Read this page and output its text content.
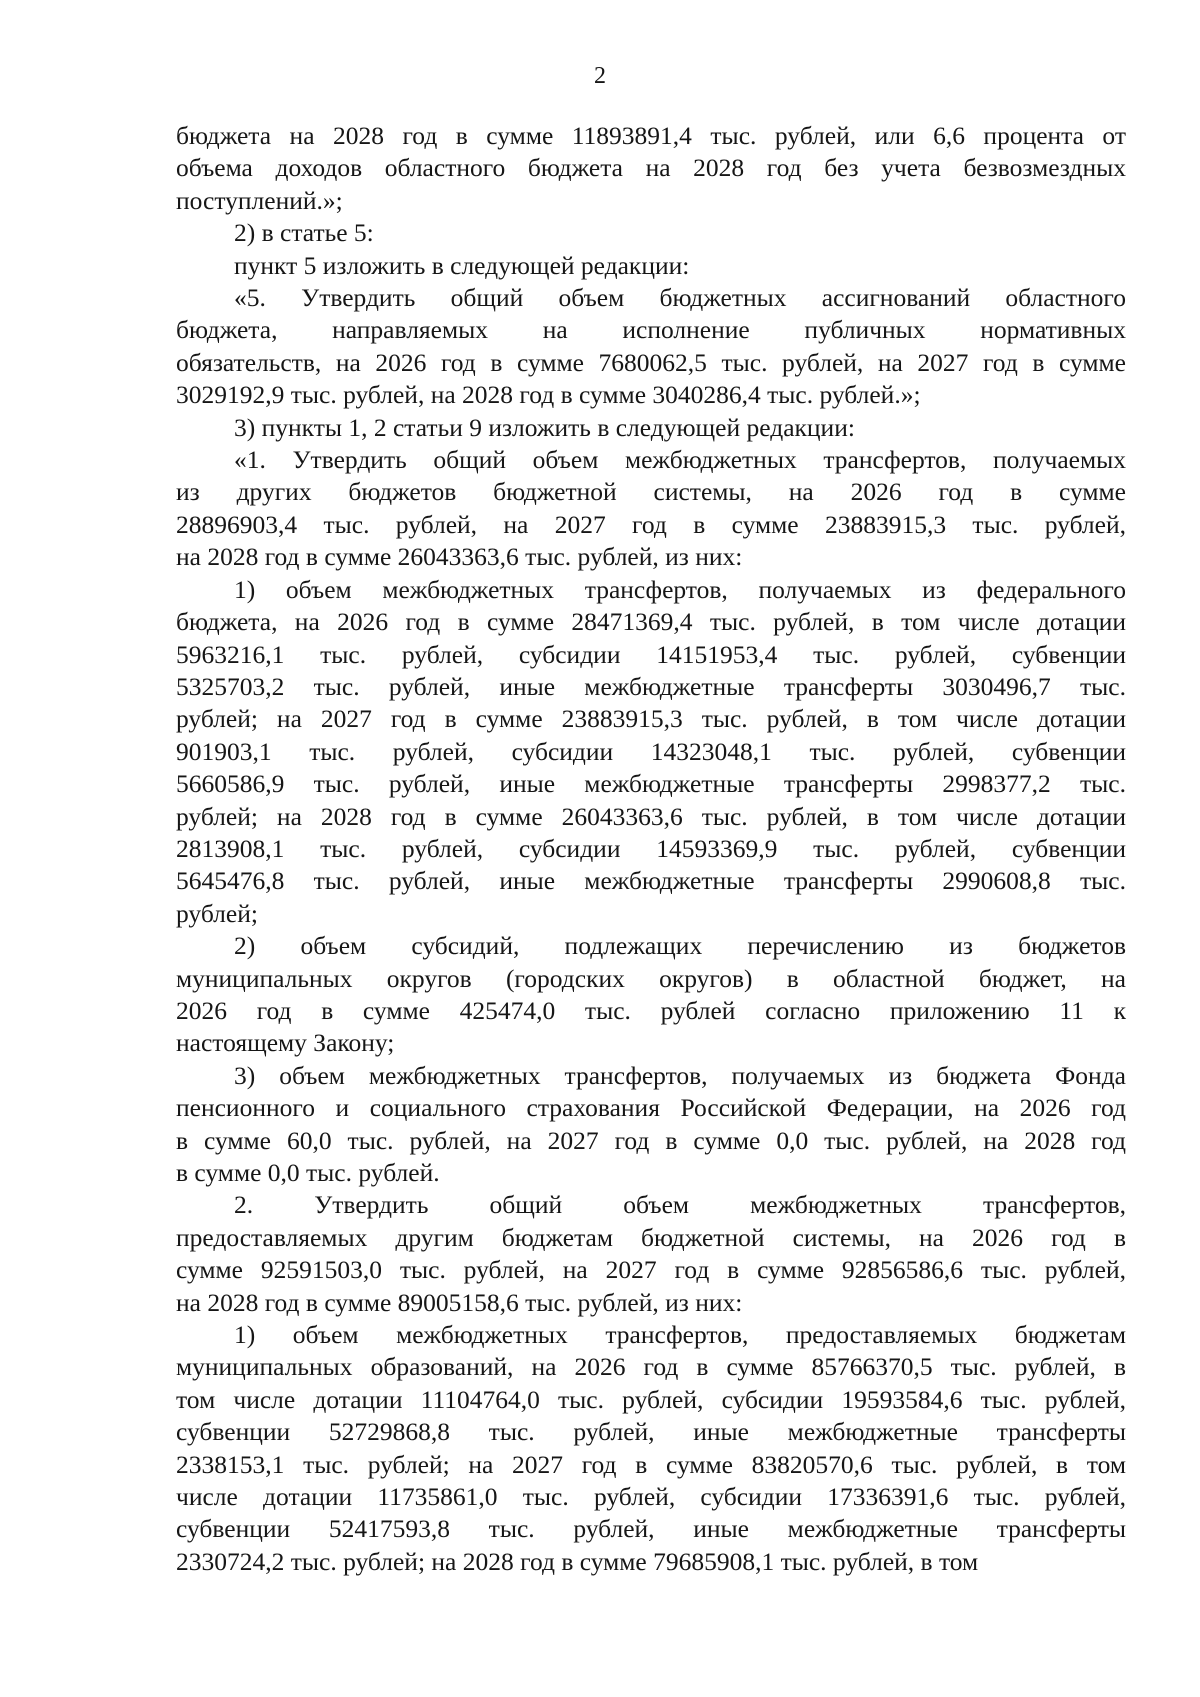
2

бюджета на 2028 год в сумме 11893891,4 тыс. рублей, или 6,6 процента от

объема доходов областного бюджета на 2028 год без учета безвозмездных

поступлений.»;

2) в статье 5:

пункт 5 изложить в следующей редакции:

«5. Утвердить общий объем бюджетных ассигнований областного

бюджета, направляемых на исполнение публичных нормативных

обязательств, на 2026 год в сумме 7680062,5 тыс. рублей, на 2027 год в сумме

3029192,9 тыс. рублей, на 2028 год в сумме 3040286,4 тыс. рублей.»;

3) пункты 1, 2 статьи 9 изложить в следующей редакции:

«1. Утвердить общий объем межбюджетных трансфертов, получаемых

из других бюджетов бюджетной системы, на 2026 год в сумме

28896903,4 тыс. рублей, на 2027 год в сумме 23883915,3 тыс. рублей,

на 2028 год в сумме 26043363,6 тыс. рублей, из них:

1) объем межбюджетных трансфертов, получаемых из федерального

бюджета, на 2026 год в сумме 28471369,4 тыс. рублей, в том числе дотации

5963216,1 тыс. рублей, субсидии 14151953,4 тыс. рублей, субвенции

5325703,2 тыс. рублей, иные межбюджетные трансферты 3030496,7 тыс.

рублей; на 2027 год в сумме 23883915,3 тыс. рублей, в том числе дотации

901903,1 тыс. рублей, субсидии 14323048,1 тыс. рублей, субвенции

5660586,9 тыс. рублей, иные межбюджетные трансферты 2998377,2 тыс.

рублей; на 2028 год в сумме 26043363,6 тыс. рублей, в том числе дотации

2813908,1 тыс. рублей, субсидии 14593369,9 тыс. рублей, субвенции

5645476,8 тыс. рублей, иные межбюджетные трансферты 2990608,8 тыс.

рублей;

2) объем субсидий, подлежащих перечислению из бюджетов

муниципальных округов (городских округов) в областной бюджет, на

2026 год в сумме 425474,0 тыс. рублей согласно приложению 11 к

настоящему Закону;

3) объем межбюджетных трансфертов, получаемых из бюджета Фонда

пенсионного и социального страхования Российской Федерации, на 2026 год

в сумме 60,0 тыс. рублей, на 2027 год в сумме 0,0 тыс. рублей, на 2028 год

в сумме 0,0 тыс. рублей.

2. Утвердить общий объем межбюджетных трансфертов,

предоставляемых другим бюджетам бюджетной системы, на 2026 год в

сумме 92591503,0 тыс. рублей, на 2027 год в сумме 92856586,6 тыс. рублей,

на 2028 год в сумме 89005158,6 тыс. рублей, из них:

1) объем межбюджетных трансфертов, предоставляемых бюджетам

муниципальных образований, на 2026 год в сумме 85766370,5 тыс. рублей, в

том числе дотации 11104764,0 тыс. рублей, субсидии 19593584,6 тыс. рублей,

субвенции 52729868,8 тыс. рублей, иные межбюджетные трансферты

2338153,1 тыс. рублей; на 2027 год в сумме 83820570,6 тыс. рублей, в том

числе дотации 11735861,0 тыс. рублей, субсидии 17336391,6 тыс. рублей,

субвенции 52417593,8 тыс. рублей, иные межбюджетные трансферты

2330724,2 тыс. рублей; на 2028 год в сумме 79685908,1 тыс. рублей, в том
